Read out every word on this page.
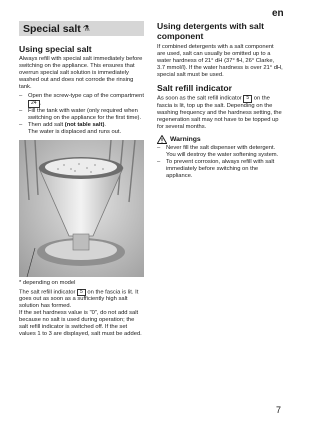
en
Special salt ⚗
Using special salt

Always refill with special salt immediately before switching on the appliance. This ensures that overrun special salt solution is immediately washed out and does not corrode the rinsing tank.

– Open the screw-type cap of the compartment 24 .
– Fill the tank with water (only required when switching on the appliance for the first time).
– Then add salt (not table salt).

The water is displaced and runs out.

* depending on model

The salt refill indicator 5 on the fascia is lit. It goes out as soon as a sufficiently high salt solution has formed.

If the set hardness value is "0", do not add salt because no salt is used during operation; the salt refill indicator is switched off. If the set values 1 to 3 are displayed, salt must be added.

Using detergents with salt component

If combined detergents with a salt component are used, salt can usually be omitted up to a water hardness of 21° dH (37° fH, 26° Clarke, 3.7 mmol/l). If the water hardness is over 21° dH, special salt must be used.

Salt refill indicator

As soon as the salt refill indicator 5 on the fascia is lit, top up the salt. Depending on the washing frequency and the hardness setting, the regeneration salt may not have to be topped up for several months.

Warnings
– Never fill the salt dispenser with detergent. You will destroy the water softening system.
– To prevent corrosion, always refill with salt immediately before switching on the appliance.
7
